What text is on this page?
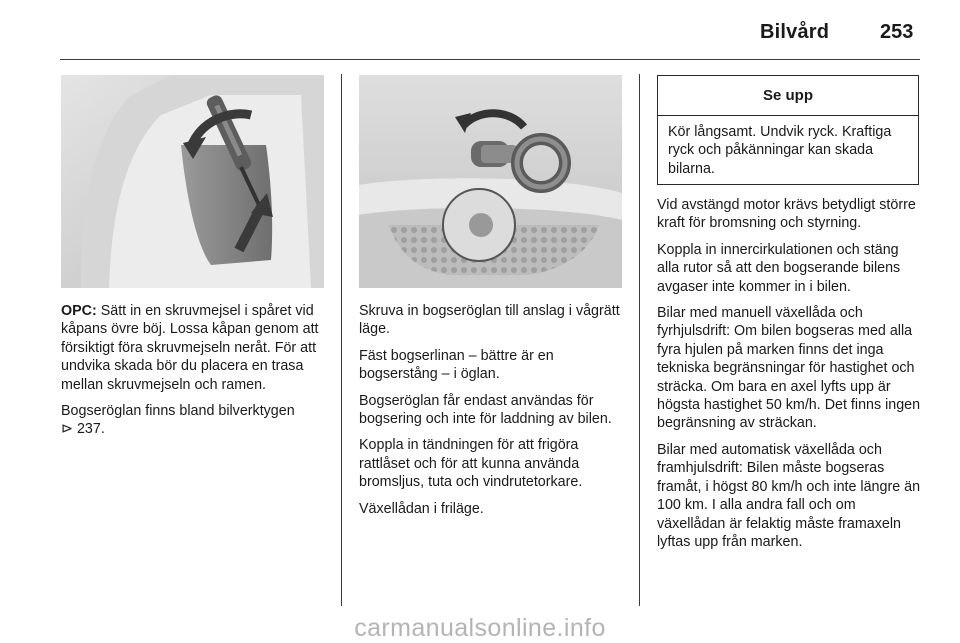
Bilvård	253

OPC: Sätt in en skruvmejsel i spåret vid kåpans övre böj. Lossa kåpan genom att försiktigt föra skruvmejseln neråt. För att undvika skada bör du placera en trasa mellan skruvmejseln och ramen.

Bogseröglan finns bland bilverktygen
⊳ 237.

Skruva in bogseröglan till anslag i vågrätt läge.

Fäst bogserlinan – bättre är en bogserstång – i öglan.

Bogseröglan får endast användas för bogsering och inte för laddning av bilen.

Koppla in tändningen för att frigöra rattlåset och för att kunna använda bromsljus, tuta och vindrutetorkare.

Växellådan i friläge.

Se upp
Kör långsamt. Undvik ryck. Kraftiga ryck och påkänningar kan skada bilarna.

Vid avstängd motor krävs betydligt större kraft för bromsning och styrning.

Koppla in innercirkulationen och stäng alla rutor så att den bogserande bilens avgaser inte kommer in i bilen.

Bilar med manuell växellåda och fyrhjulsdrift: Om bilen bogseras med alla fyra hjulen på marken finns det inga tekniska begränsningar för hastighet och sträcka. Om bara en axel lyfts upp är högsta hastighet 50 km/h. Det finns ingen begränsning av sträckan.

Bilar med automatisk växellåda och framhjulsdrift: Bilen måste bogseras framåt, i högst 80 km/h och inte längre än 100 km. I alla andra fall och om växellådan är felaktig måste framaxeln lyftas upp från marken.

carmanualsonline.info
